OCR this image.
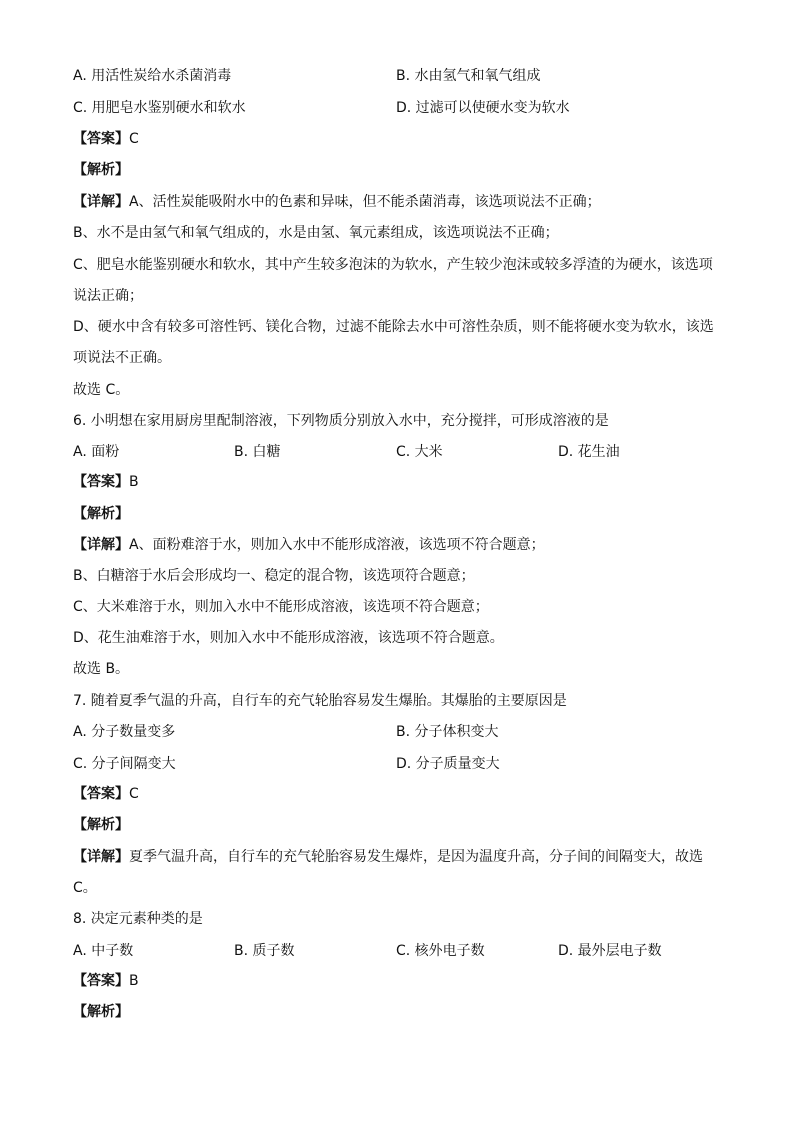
A. 用活性炭给水杀菌消毒	B. 水由氢气和氧气组成
C. 用肥皂水鉴别硬水和软水	D. 过滤可以使硬水变为软水
【答案】C
【解析】
【详解】A、活性炭能吸附水中的色素和异味，但不能杀菌消毒，该选项说法不正确；
B、水不是由氢气和氧气组成的，水是由氢、氧元素组成，该选项说法不正确；
C、肥皂水能鉴别硬水和软水，其中产生较多泡沫的为软水，产生较少泡沫或较多浮渣的为硬水，该选项
说法正确；
D、硬水中含有较多可溶性钙、镁化合物，过滤不能除去水中可溶性杂质，则不能将硬水变为软水，该选
项说法不正确。
故选 C。
6. 小明想在家用厨房里配制溶液，下列物质分别放入水中，充分搅拌，可形成溶液的是
A. 面粉	B. 白糖	C. 大米	D. 花生油
【答案】B
【解析】
【详解】A、面粉难溶于水，则加入水中不能形成溶液，该选项不符合题意；
B、白糖溶于水后会形成均一、稳定的混合物，该选项符合题意；
C、大米难溶于水，则加入水中不能形成溶液，该选项不符合题意；
D、花生油难溶于水，则加入水中不能形成溶液，该选项不符合题意。
故选 B。
7. 随着夏季气温的升高，自行车的充气轮胎容易发生爆胎。其爆胎的主要原因是
A. 分子数量变多	B. 分子体积变大
C. 分子间隔变大	D. 分子质量变大
【答案】C
【解析】
【详解】夏季气温升高，自行车的充气轮胎容易发生爆炸，是因为温度升高，分子间的间隔变大，故选
C。
8. 决定元素种类的是
A. 中子数	B. 质子数	C. 核外电子数	D. 最外层电子数
【答案】B
【解析】
